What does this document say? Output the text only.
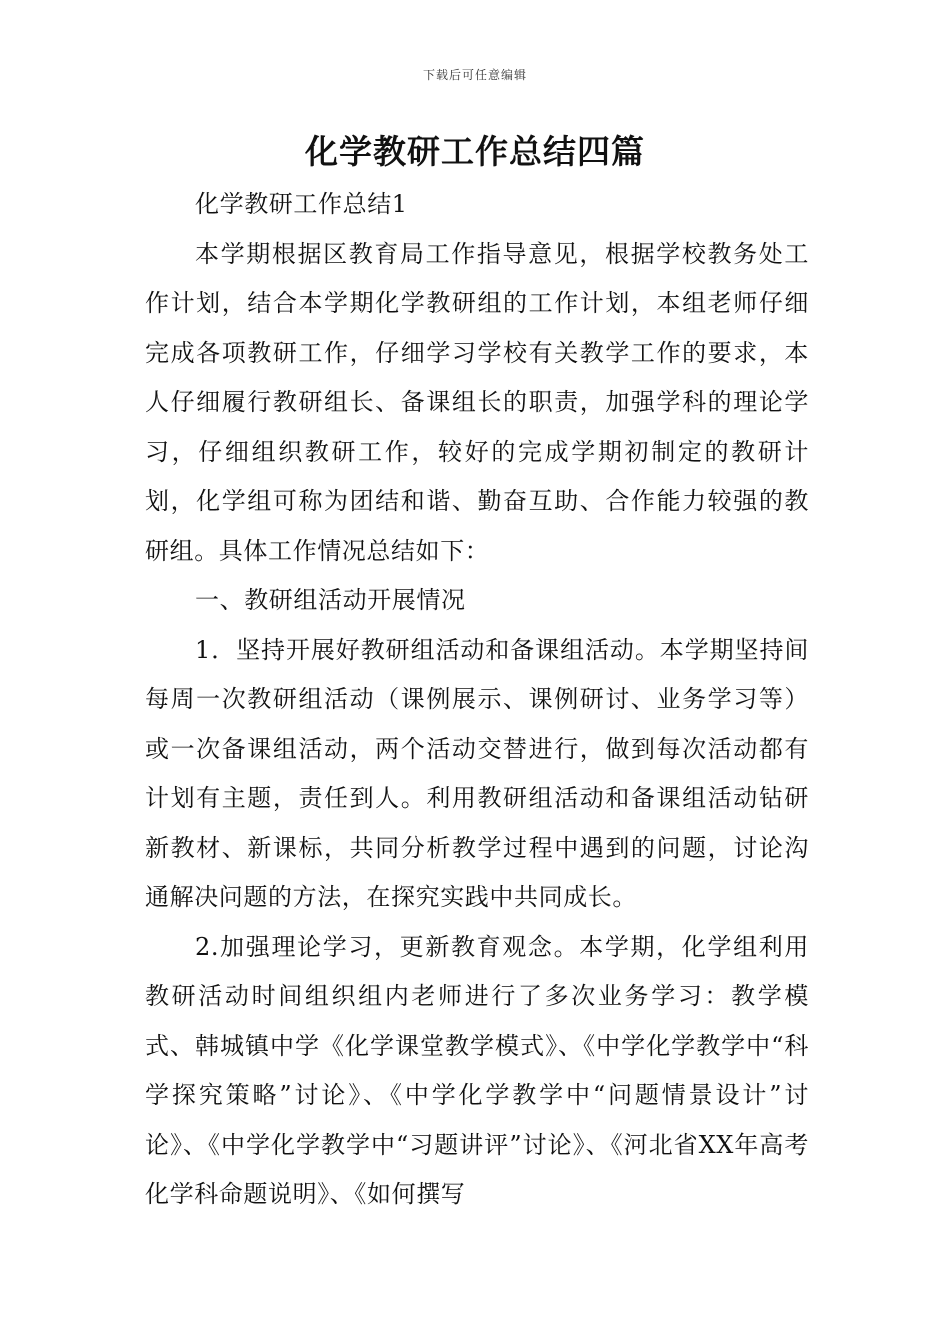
下载后可任意编辑
化学教研工作总结四篇

化学教研工作总结1

本学期根据区教育局工作指导意见，根据学校教务处工作计划，结合本学期化学教研组的工作计划，本组老师仔细完成各项教研工作，仔细学习学校有关教学工作的要求，本人仔细履行教研组长、备课组长的职责，加强学科的理论学习，仔细组织教研工作，较好的完成学期初制定的教研计划，化学组可称为团结和谐、勤奋互助、合作能力较强的教研组。具体工作情况总结如下：

一、教研组活动开展情况

1．坚持开展好教研组活动和备课组活动。本学期坚持间每周一次教研组活动（课例展示、课例研讨、业务学习等）或一次备课组活动，两个活动交替进行，做到每次活动都有计划有主题，责任到人。利用教研组活动和备课组活动钻研新教材、新课标，共同分析教学过程中遇到的问题，讨论沟通解决问题的方法，在探究实践中共同成长。

2.加强理论学习，更新教育观念。本学期，化学组利用教研活动时间组织组内老师进行了多次业务学习：教学模式、韩城镇中学《化学课堂教学模式》、《中学化学教学中“科学探究策略”讨论》、《中学化学教学中“问题情景设计”讨论》、《中学化学教学中“习题讲评”讨论》、《河北省XX年高考化学科命题说明》、《如何撰写
